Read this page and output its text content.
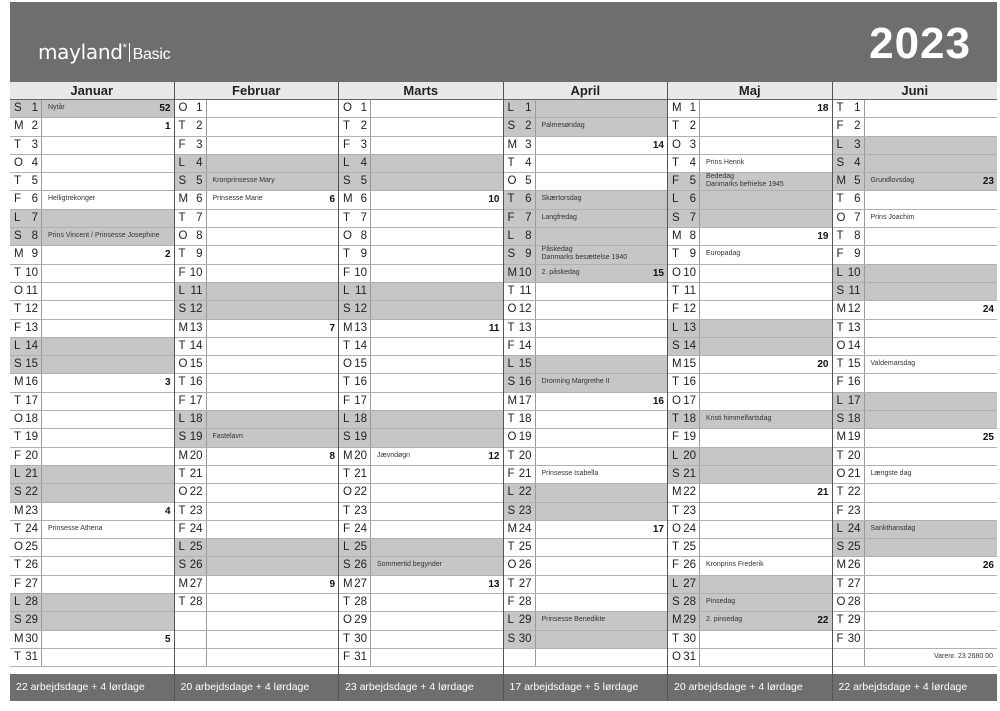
mayland* Basic	2023
Januar
S 1 Nytår	52
M 2	1
T 3
O 4
T 5
F 6 Helligtrekonger
L 7
S 8 Prins Vincent / Prinsesse Josephine
M 9	2
T 10
O 11
T 12
F 13
L 14
S 15
M 16	3
T 17
O 18
T 19
F 20
L 21
S 22
M 23	4
T 24 Prinsesse Athena
O 25
T 26
F 27
L 28
S 29
M 30	5
T 31
22 arbejdsdage + 4 lørdage
Februar
O 1
T 2
F 3
L 4
S 5 Kronprinsesse Mary
M 6 Prinsesse Marie	6
T 7
O 8
T 9
F 10
L 11
S 12
M 13	7
T 14
O 15
T 16
F 17
L 18
S 19 Fastelavn
M 20	8
T 21
O 22
T 23
F 24
L 25
S 26
M 27	9
T 28
20 arbejdsdage + 4 lørdage
Marts
O 1
T 2
F 3
L 4
S 5
M 6	10
T 7
O 8
T 9
F 10
L 11
S 12
M 13	11
T 14
O 15
T 16
F 17
L 18
S 19
M 20 Jævndøgn	12
T 21
O 22
T 23
F 24
L 25
S 26 Sommertid begynder
M 27	13
T 28
O 29
T 30
F 31
23 arbejdsdage + 4 lørdage
April
L 1
S 2 Palmesøndag
M 3	14
T 4
O 5
T 6 Skærtorsdag
F 7 Langfredag
L 8
S 9 Påskedag
Danmarks besættelse 1940
M 10 2. påskedag	15
T 11
O 12
T 13
F 14
L 15
S 16 Dronning Margrethe II
M 17	16
T 18
O 19
T 20
F 21 Prinsesse Isabella
L 22
S 23
M 24	17
T 25
O 26
T 27
F 28
L 29 Prinsesse Benedikte
S 30
17 arbejdsdage + 5 lørdage
Maj
M 1	18
T 2
O 3
T 4 Prins Henrik
F 5 Bededag
Danmarks befrielse 1945
L 6
S 7
M 8	19
T 9 Europadag
O 10
T 11
F 12
L 13
S 14
M 15	20
T 16
O 17
T 18 Kristi himmelfartsdag
F 19
L 20
S 21
M 22	21
T 23
O 24
T 25
F 26 Kronprins Frederik
L 27
S 28 Pinsedag
M 29 2. pinsedag	22
T 30
O 31
20 arbejdsdage + 4 lørdage
Juni
T 1
F 2
L 3
S 4
M 5 Grundlovsdag	23
T 6
O 7 Prins Joachim
T 8
F 9
L 10
S 11
M 12	24
T 13
O 14
T 15 Valdemarsdag
F 16
L 17
S 18
M 19	25
T 20
O 21 Længste dag
T 22
F 23
L 24 Sankthansdag
S 25
M 26	26
T 27
O 28
T 29
F 30
Varenr. 23 2680 00
22 arbejdsdage + 4 lørdage
